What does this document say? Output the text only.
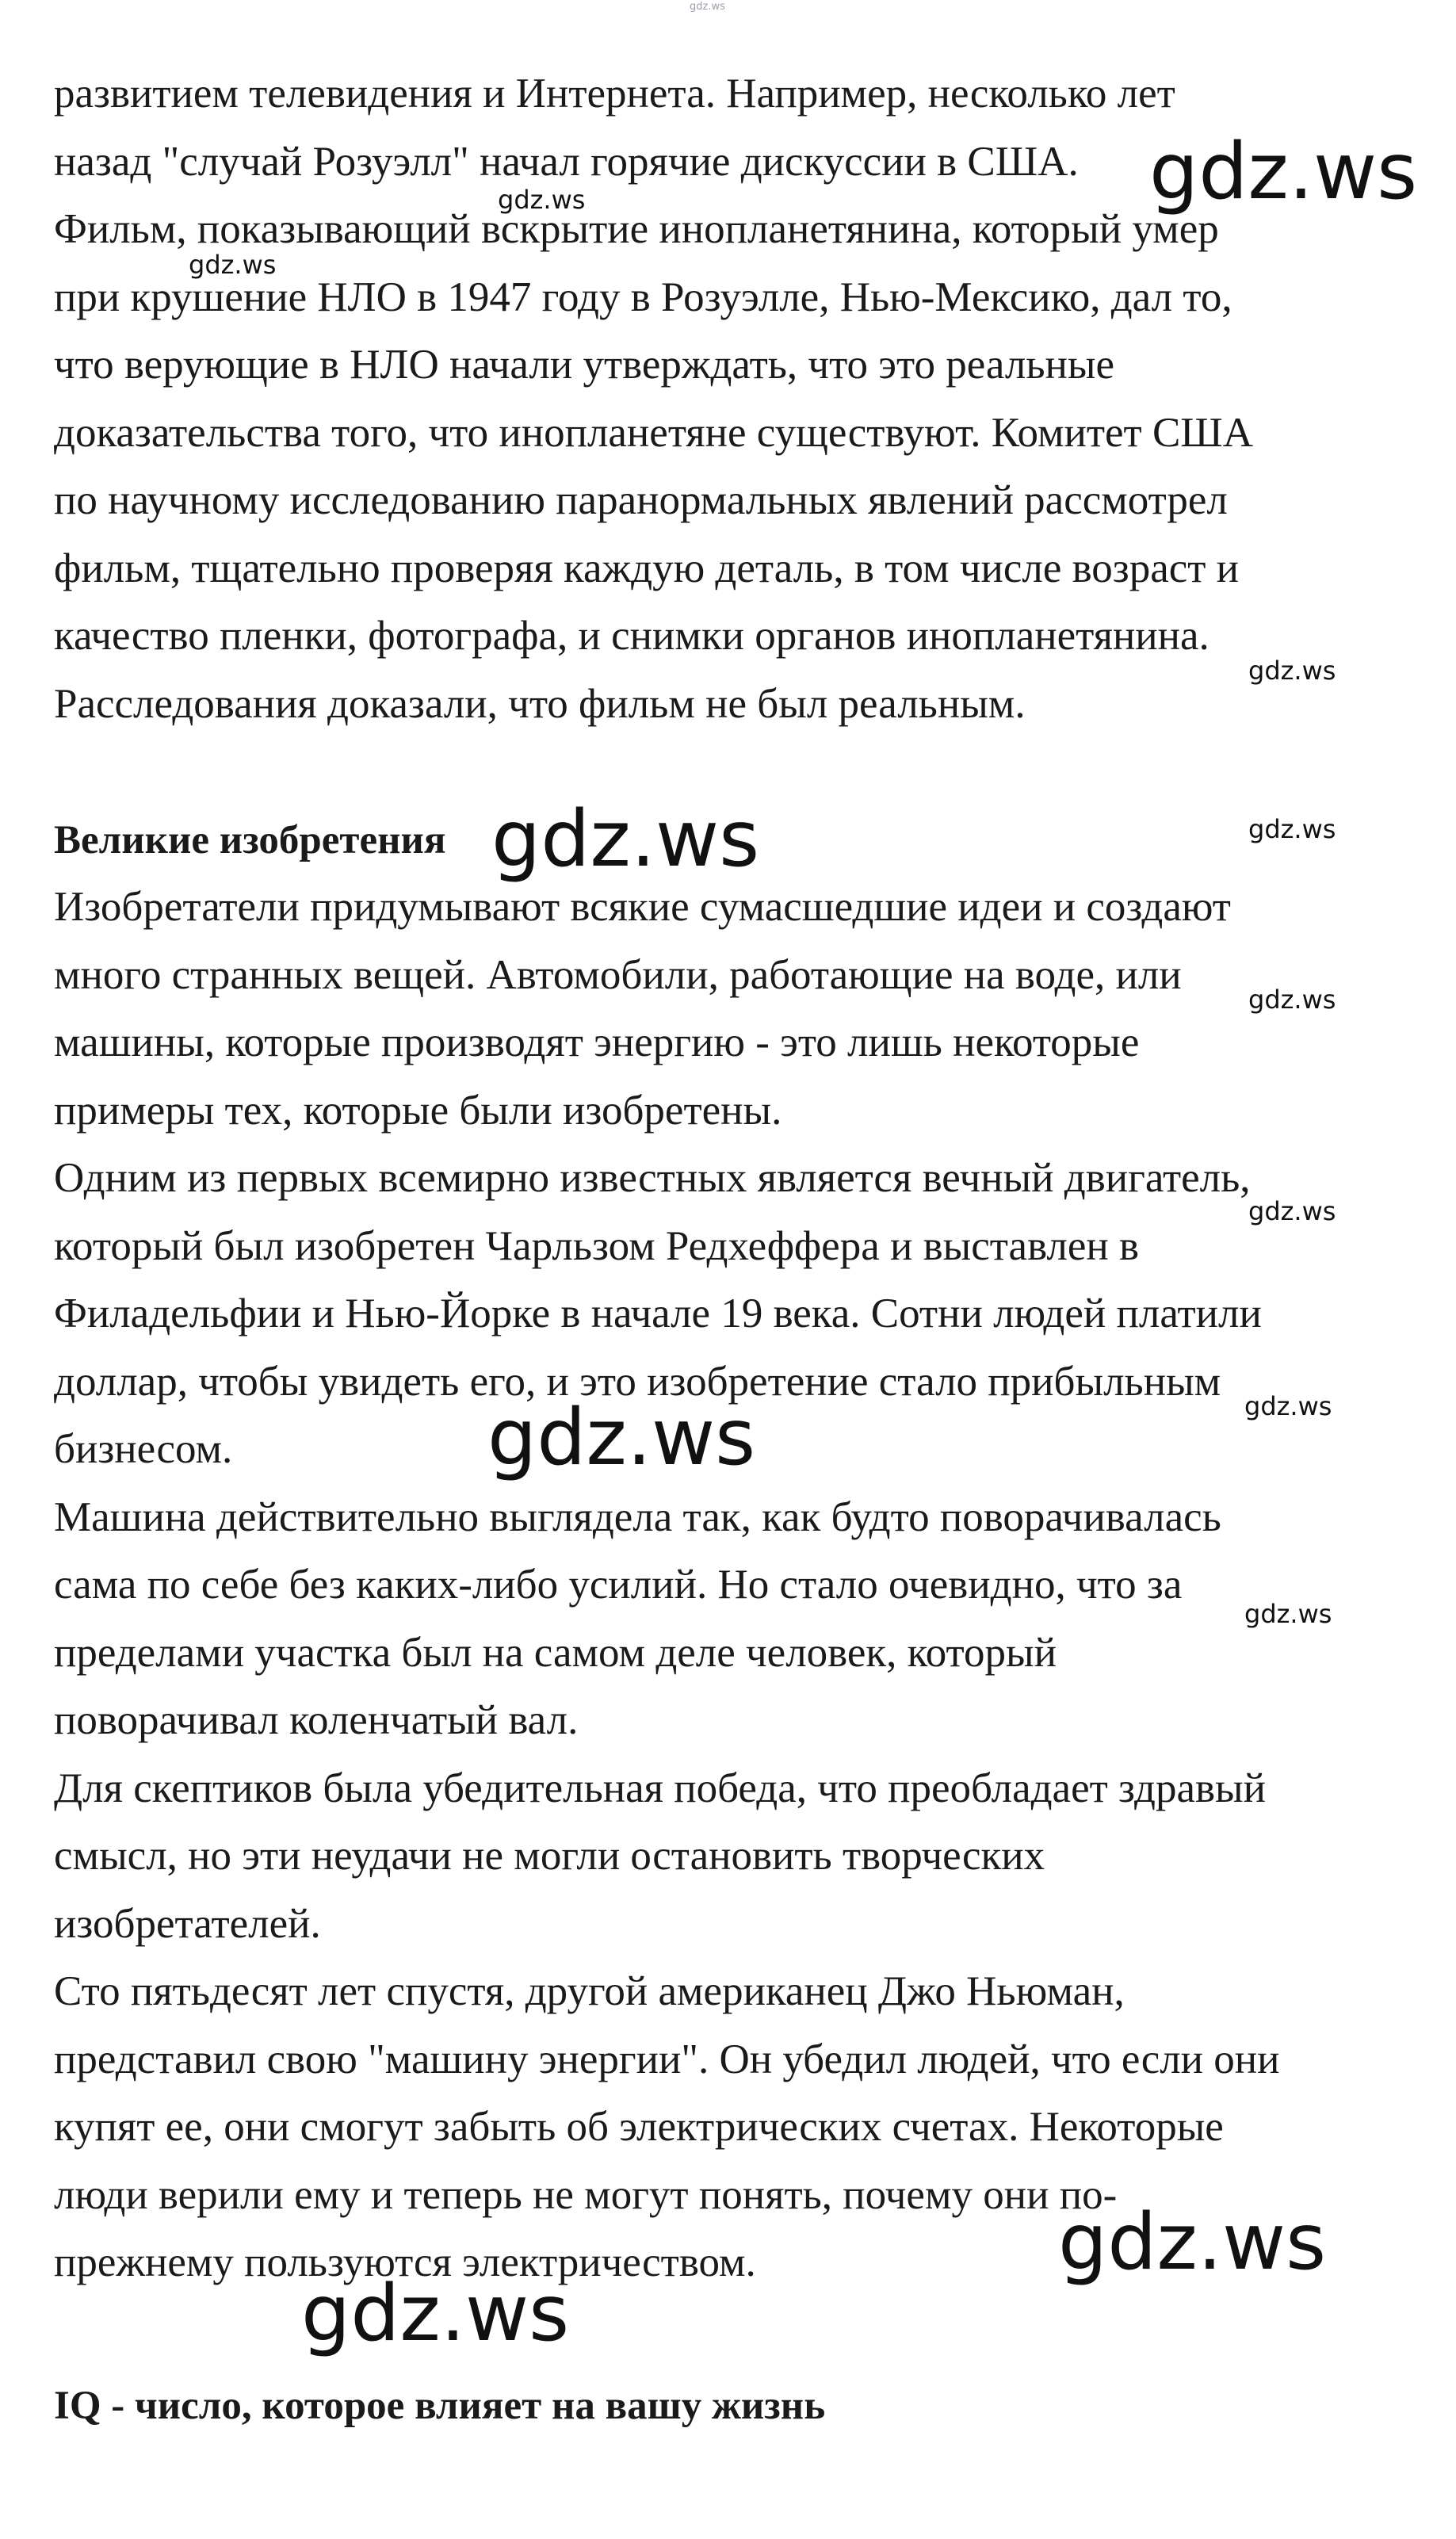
развитием телевидения и Интернета. Например, несколько лет
назад "случай Розуэлл" начал горячие дискуссии в США.
Фильм, показывающий вскрытие инопланетянина, который умер
при крушение НЛО в 1947 году в Розуэлле, Нью-Мексико, дал то,
что верующие в НЛО начали утверждать, что это реальные
доказательства того, что инопланетяне существуют. Комитет США
по научному исследованию паранормальных явлений рассмотрел
фильм, тщательно проверяя каждую деталь, в том числе возраст и
качество пленки, фотографа, и снимки органов инопланетянина.
Расследования доказали, что фильм не был реальным.
Великие изобретения
Изобретатели придумывают всякие сумасшедшие идеи и создают
много странных вещей. Автомобили, работающие на воде, или
машины, которые производят энергию - это лишь некоторые
примеры тех, которые были изобретены.
Одним из первых всемирно известных является вечный двигатель,
который был изобретен Чарльзом Редхеффера и выставлен в
Филадельфии и Нью-Йорке в начале 19 века. Сотни людей платили
доллар, чтобы увидеть его, и это изобретение стало прибыльным
бизнесом.
Машина действительно выглядела так, как будто поворачивалась
сама по себе без каких-либо усилий. Но стало очевидно, что за
пределами участка был на самом деле человек, который
поворачивал коленчатый вал.
Для скептиков была убедительная победа, что преобладает здравый
смысл, но эти неудачи не могли остановить творческих
изобретателей.
Сто пятьдесят лет спустя, другой американец Джо Ньюман,
представил свою "машину энергии". Он убедил людей, что если они
купят ее, они смогут забыть об электрических счетах. Некоторые
люди верили ему и теперь не могут понять, почему они по-
прежнему пользуются электричеством.
IQ - число, которое влияет на вашу жизнь
gdz.ws
gdz.ws
gdz.ws
gdz.ws
gdz.ws
gdz.ws	gdz.ws
gdz.ws
gdz.ws
gdz.ws
gdz.ws
gdz.ws
gdz.ws
gdz.ws
